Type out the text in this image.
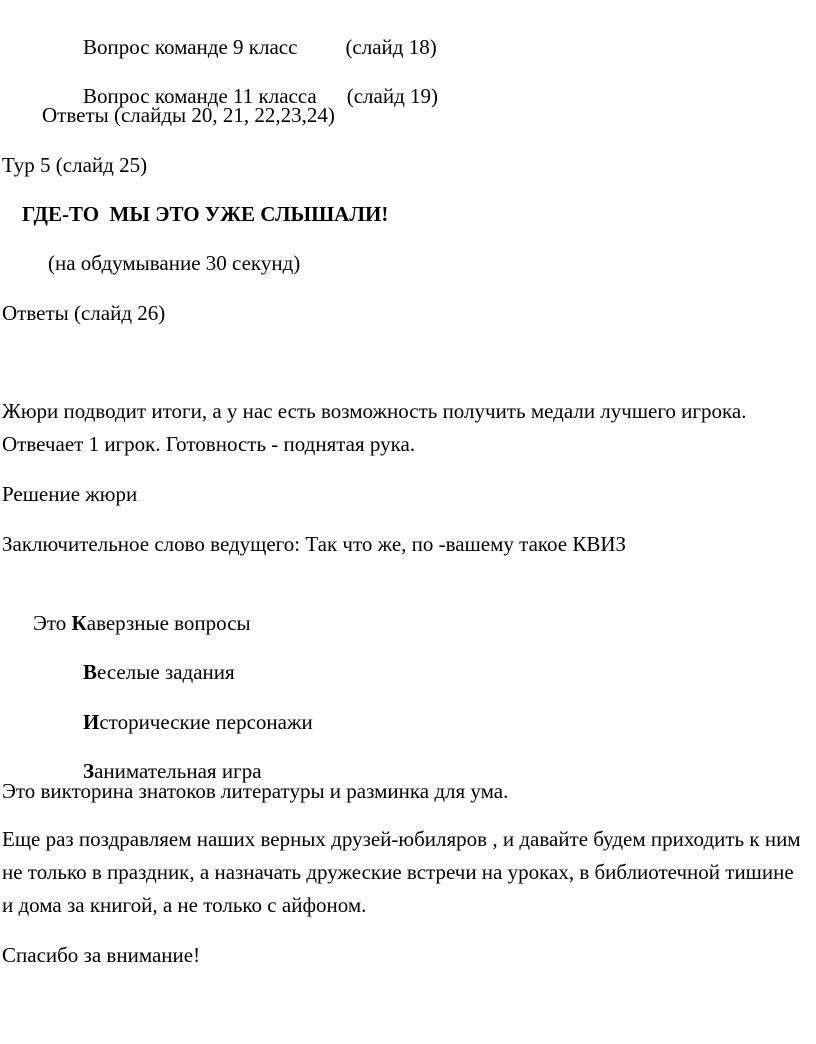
Вопрос команде 9 класс (слайд 18)

Вопрос команде 11 класса (слайд 19)

Ответы (слайды 20, 21, 22,23,24)
Тур 5 (слайд 25)
ГДЕ-ТО  МЫ ЭТО УЖЕ СЛЫШАЛИ!
(на обдумывание 30 секунд)
Ответы (слайд 26)
Жюри подводит итоги, а у нас есть возможность получить медали лучшего игрока. Отвечает 1 игрок. Готовность - поднятая рука.
Решение жюри
Заключительное слово ведущего: Так что же, по -вашему такое КВИЗ

Это Каверзные вопросы

Веселые задания

Исторические персонажи

Занимательная игра

Это викторина знатоков литературы и разминка для ума.
Еще раз поздравляем наших верных друзей-юбиляров , и давайте будем приходить к ним не только в праздник, а назначать дружеские встречи на уроках, в библиотечной тишине и дома за книгой, а не только с айфоном.
Спасибо за внимание!
